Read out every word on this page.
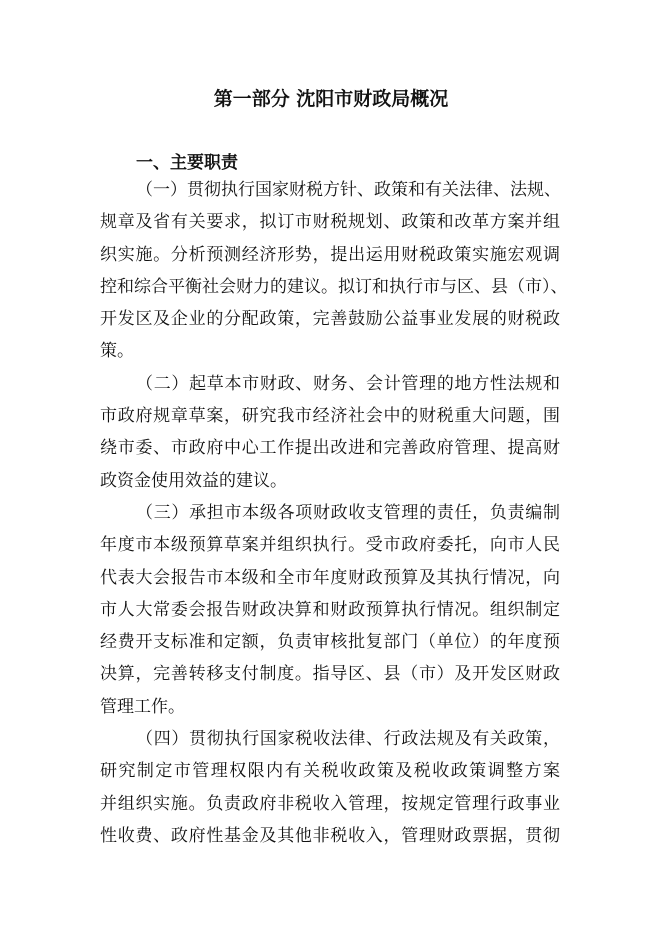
第一部分 沈阳市财政局概况
一、主要职责
（一）贯彻执行国家财税方针、政策和有关法律、法规、
规章及省有关要求，拟订市财税规划、政策和改革方案并组
织实施。分析预测经济形势，提出运用财税政策实施宏观调
控和综合平衡社会财力的建议。拟订和执行市与区、县（市）、
开发区及企业的分配政策，完善鼓励公益事业发展的财税政
策。
（二）起草本市财政、财务、会计管理的地方性法规和
市政府规章草案，研究我市经济社会中的财税重大问题，围
绕市委、市政府中心工作提出改进和完善政府管理、提高财
政资金使用效益的建议。
（三）承担市本级各项财政收支管理的责任，负责编制
年度市本级预算草案并组织执行。受市政府委托，向市人民
代表大会报告市本级和全市年度财政预算及其执行情况，向
市人大常委会报告财政决算和财政预算执行情况。组织制定
经费开支标准和定额，负责审核批复部门（单位）的年度预
决算，完善转移支付制度。指导区、县（市）及开发区财政
管理工作。
（四）贯彻执行国家税收法律、行政法规及有关政策，
研究制定市管理权限内有关税收政策及税收政策调整方案
并组织实施。负责政府非税收入管理，按规定管理行政事业
性收费、政府性基金及其他非税收入，管理财政票据，贯彻
